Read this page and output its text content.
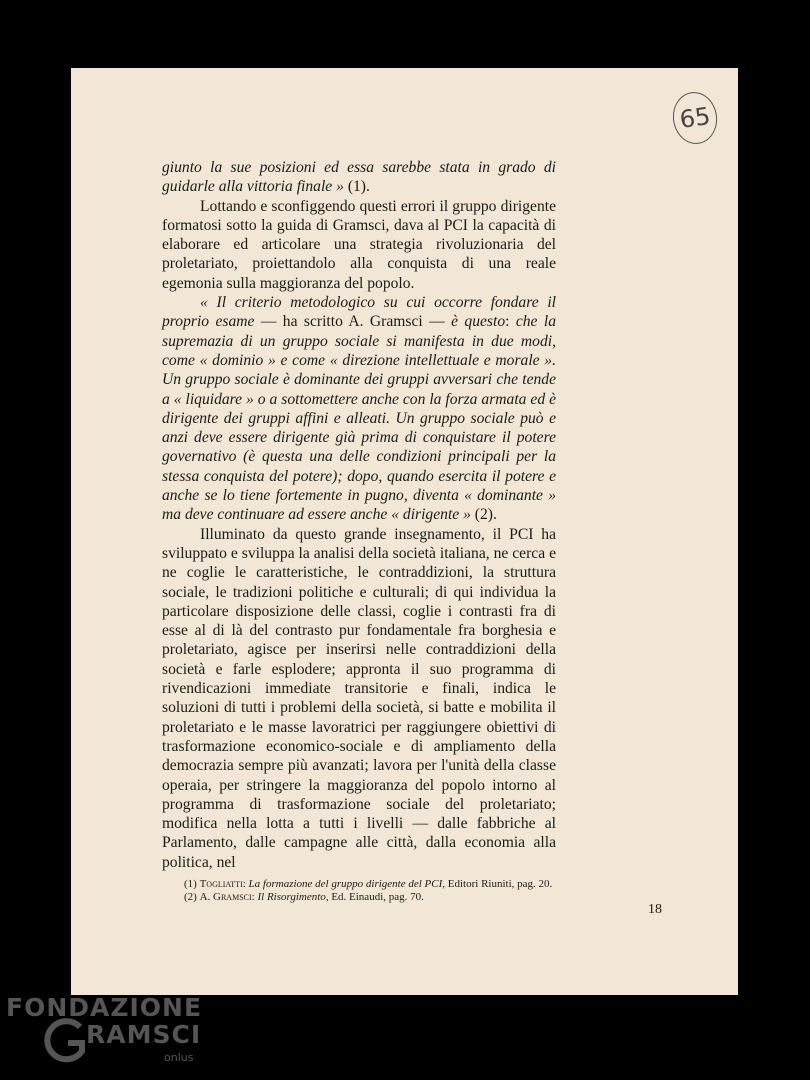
65

giunto la sue posizioni ed essa sarebbe stata in grado di guidarle alla vittoria finale » (1).

Lottando e sconfiggendo questi errori il gruppo dirigente formatosi sotto la guida di Gramsci, dava al PCI la capacità di elaborare ed articolare una strategia rivoluzionaria del proletariato, proiettandolo alla conquista di una reale egemonia sulla maggioranza del popolo.

« Il criterio metodologico su cui occorre fondare il proprio esame — ha scritto A. Gramsci — è questo: che la supremazia di un gruppo sociale si manifesta in due modi, come « dominio » e come « direzione intellettuale e morale ». Un gruppo sociale è dominante dei gruppi avversari che tende a « liquidare » o a sottomettere anche con la forza armata ed è dirigente dei gruppi affini e alleati. Un gruppo sociale può e anzi deve essere dirigente già prima di conquistare il potere governativo (è questa una delle condizioni principali per la stessa conquista del potere); dopo, quando esercita il potere e anche se lo tiene fortemente in pugno, diventa « dominante » ma deve continuare ad essere anche « dirigente » (2).

Illuminato da questo grande insegnamento, il PCI ha sviluppato e sviluppa la analisi della società italiana, ne cerca e ne coglie le caratteristiche, le contraddizioni, la struttura sociale, le tradizioni politiche e culturali; di qui individua la particolare disposizione delle classi, coglie i contrasti fra di esse al di là del contrasto pur fondamentale fra borghesia e proletariato, agisce per inserirsi nelle contraddizioni della società e farle esplodere; approntа il suo programma di rivendicazioni immediate transitorie e finali, indica le soluzioni di tutti i problemi della società, si batte e mobilita il proletariato e le masse lavoratrici per raggiungere obiettivi di trasformazione economico-sociale e di ampliamento della democrazia sempre più avanzati; lavora per l'unità della classe operaia, per stringere la maggioranza del popolo intorno al programma di trasformazione sociale del proletariato; modifica nella lotta a tutti i livelli — dalle fabbriche al Parlamento, dalle campagne alle città, dalla economia alla politica, nel

(1) Togliatti: La formazione del gruppo dirigente del PCI, Editori Riuniti, pag. 20.

(2) A. Gramsci: Il Risorgimento, Ed. Einaudi, pag. 70.

18
FONDAZIONE
RAMSCI
onlus
